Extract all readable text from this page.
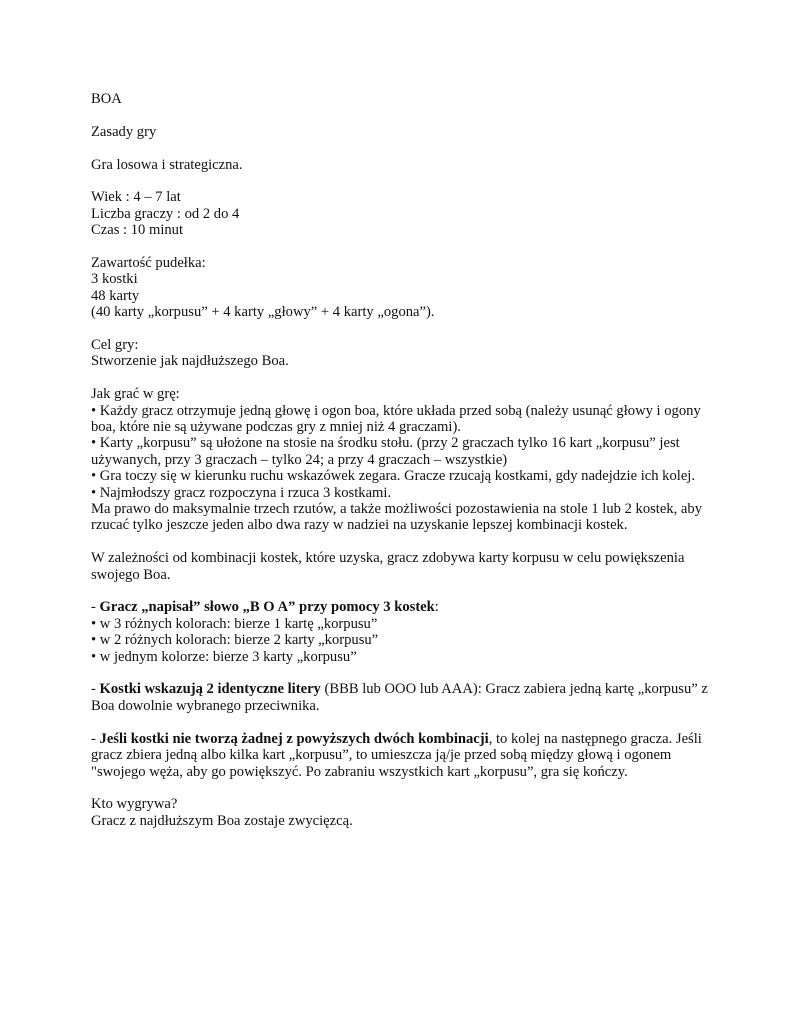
BOA
Zasady gry
Gra losowa i strategiczna.
Wiek : 4 – 7 lat
Liczba graczy : od 2 do 4
Czas : 10 minut
Zawartość pudełka:
3 kostki
48 karty
(40 karty „korpusu” + 4 karty „głowy” + 4 karty „ogona”).
Cel gry:
Stworzenie jak najdłuższego Boa.
Jak grać w grę:
• Każdy gracz otrzymuje jedną głowę i ogon boa, które układa przed sobą (należy usunąć głowy i ogony
boa, które nie są używane podczas gry z mniej niż 4 graczami).
• Karty „korpusu” są ułożone na stosie na środku stołu. (przy 2 graczach tylko 16 kart „korpusu” jest
używanych, przy 3 graczach – tylko 24; a przy 4 graczach – wszystkie)
• Gra toczy się w kierunku ruchu wskazówek zegara. Gracze rzucają kostkami, gdy nadejdzie ich kolej.
• Najmłodszy gracz rozpoczyna i rzuca 3 kostkami.
Ma prawo do maksymalnie trzech rzutów, a także możliwości pozostawienia na stole 1 lub 2 kostek, aby
rzucać tylko jeszcze jeden albo dwa razy w nadziei na uzyskanie lepszej kombinacji kostek.
W zależności od kombinacji kostek, które uzyska, gracz zdobywa karty korpusu w celu powiększenia
swojego Boa.
- Gracz „napisał” słowo „B O A” przy pomocy 3 kostek:
• w 3 różnych kolorach: bierze 1 kartę „korpusu”
• w 2 różnych kolorach: bierze 2 karty „korpusu”
• w jednym kolorze: bierze 3 karty „korpusu”
- Kostki wskazują 2 identyczne litery (BBB lub OOO lub AAA): Gracz zabiera jedną kartę „korpusu” z
Boa dowolnie wybranego przeciwnika.
- Jeśli kostki nie tworzą żadnej z powyższych dwóch kombinacji, to kolej na następnego gracza. Jeśli
gracz zbiera jedną albo kilka kart „korpusu”, to umieszcza ją/je przed sobą między głową i ogonem
"swojego węża, aby go powiększyć. Po zabraniu wszystkich kart „korpusu”, gra się kończy.
Kto wygrywa?
Gracz z najdłuższym Boa zostaje zwycięzcą.
